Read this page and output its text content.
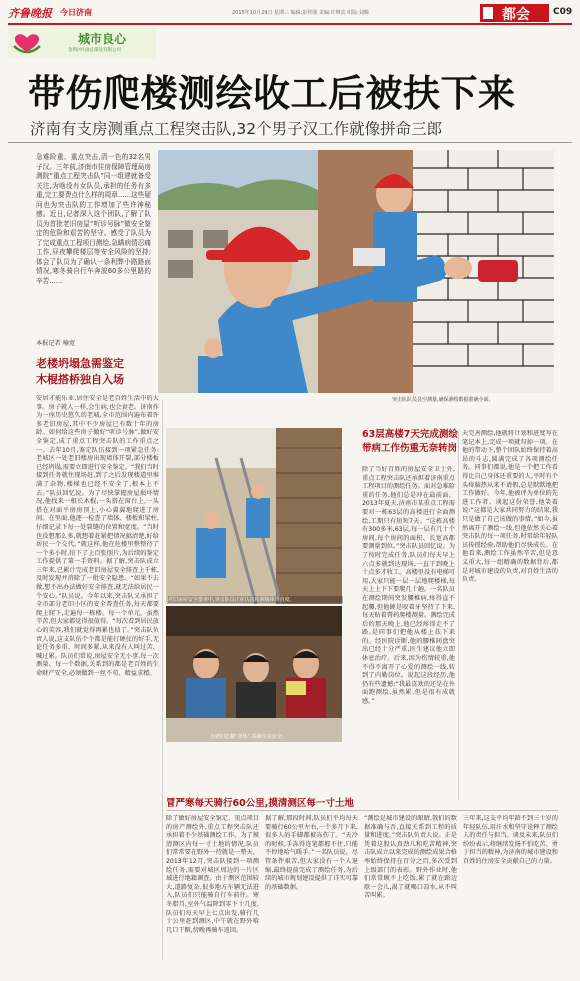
齐鲁晚报 今日济南	2015年10月29日 星期三 编辑:彭传刚 美编:许继宾 组版:刘腾	都会	C09
城市良心
金利(中国)总部及有限公司
带伤爬楼测绘收工后被扶下来
济南有支房测重点工程突击队,32个男子汉工作就像拼命三郎
急难险重、重点突击,清一色的32名男子汉。三年前,济南市住房保障管理局房测院“重点工程突击队”同一组建就备受关注,为啥没有女队员,承担的任务有多重,完工要费点什么样的周章……这些疑问也为突击队的工作增加了些许神秘感。近日,记者深入这个团队,了解了队员为首批老旧房屋“听诊号脉”做安全鉴定的危险和艰苦的坚守。感受了队员为了完成重点工程项目测绘,急瞒病情忍痛工作,昼夜攀爬楼层等安全风险的坚持;体会了队员为了确认一条利弊小路路面情况,寒冬骑自行车奔波60多公里路的辛苦……
本报记者 喻宽
突击队队员县空测量,确保测绘数据准确全面。
老楼坍塌急需鉴定
木棍搭桥独自入场
安居才能乐业,居住安全是老百姓生活中的大事。房子就人一样,会生病,也会衰老。济南作为一座历史悠久的老城,全市范围内遍布着许多老旧房屋,其中不少房屋已有数十年的房龄。如何给这些房子做好“听诊号脉”,做好安全鉴定,成了重点工程突击队的工作重点之一。去年10月,鉴定队伍接到一项紧急任务:老城区一处老旧楼房出现墙体开裂,部分楼板已经坍塌,需要立即进行安全鉴定。“我们当时接到任务就往现场赶,到了之后发现楼道里堆满了杂物,楼梯也已经不安全了,根本上不去。”队员回忆说。为了尽快掌握房屋损坏情况,他找来一根长木棍,一头搭在窗台上,一头搭在对面平房房顶上,小心翼翼地爬进了房间。在里面,他逐一检查了墙体、楼板和梁柱,仔细记录下每一处裂缝的位置和宽度。“当时也没想那么多,就想着赶紧把情况搞清楚,好给居民一个交代。”就这样,他在危楼里整整待了一个多小时,拍下了上百张照片,为后续的鉴定工作提供了第一手资料。据了解,突击队成立三年来,已累计完成老旧房屋安全排查上千栋,及时发现并消除了一批安全隐患。“如果不去做,想不出办法做好安全排查,就无法给居民一个安心。”队员说。今年以来,突击队又承担了全市部分老旧小区的安全普查任务,每天都要爬上爬下,走遍每一栋楼、每一个单元。虽然辛苦,但大家都觉得很值得。“每次看到居民放心的笑容,我们就觉得再累也值了。”突击队负责人说,这支队伍个个都是能打硬仗的好手,无论任务多重、时间多紧,从来没有人叫过苦、喊过累。队员们常说,房屋安全无小事,每一次测量、每一个数据,关系到的都是老百姓的生命财产安全,必须做到一丝不苟、精益求精。
老旧房屋安全排查中,突击队员正在认真检测墙体垂直度。
为老旧危楼“查体”,保障住房安全。
63层高楼7天完成测绘
带病工作伤重无奈转岗
除了当好百姓的房屋安全卫士外,重点工程突击队还承担着济南重点工程项目的测绘任务。面对急难险重的任务,他们总是冲在最前面。2013年夏天,济南市某重点工程需要对一栋63层的高楼进行全面测绘,工期只有短短7天。“这栋高楼有300多米,63层,每一层有几十个房间,每个房间的面积、长宽高都要测量到位。”突击队员回忆说。为了按时完成任务,队员们每天早上六点多就到达现场,一直干到晚上十点多才收工。高楼里没有电梯可用,大家只能一层一层地爬楼梯,每天上上下下要爬几十趟。一名队员在测绘期间突发腰椎病,疼得直不起腰,但他硬是咬着牙坚持了下来,每天贴着膏药爬楼测量。测绘完成后的那天晚上,他已经疼得走不了路,是同事们把他从楼上扶下来的。经医院诊断,他的腰椎间盘突出已经十分严重,医生建议他立即休息治疗。后来,因为伤情较重,他不得不离开了心爱的测绘一线,转到了内勤岗位。说起这段经历,他仍有些遗憾:“我最喜欢的还是在外面跑测绘,虽然累,但是很有成就感。”
天完善测绘,他就将计划和进度写在笔记本上,完成一项就勾掉一项。在他的带动下,整个团队始终保持着高昂的斗志,圆满完成了各项测绘任务。同事们都说,他是一个把工作看得比自己身体还重要的人,平时有个头疼脑热从来不请假,总是默默地把工作做好。今年,他被评为单位的先进工作者。谈起这份荣誉,他笑着说:“这都是大家共同努力的结果,我只是做了自己该做的事情。”如今,虽然离开了测绘一线,但他依然关心着突击队的每一项任务,时常给年轻队员传授经验,帮助他们尽快成长。在他看来,测绘工作虽然辛苦,但是意义重大,每一组精确的数据背后,都是对城市建设的负责,对百姓生活的负责。
冒严寒每天骑行60公里,摸清测区每一寸土地
除了做好房屋安全鉴定、重点项目的房产测绘外,重点工程突击队还承担着不少基础测绘工作。为了摸清测区内每一寸土地的情况,队员们常常要在野外一待就是一整天。2013年12月,突击队接到一项测绘任务,需要对城区周边的一片区域进行地籍调查。由于测区范围较大,道路复杂,很多地方车辆无法进入,队员们只能骑自行车前往。寒冬腊月,室外气温降到零下十几度,队员们每天早上七点出发,骑行几十公里赶到测区,中午就在野外啃几口干粮,傍晚再骑车返回。
据了解,那段时间,队员们平均每天要骑行60公里左右,一个多月下来,很多人的手脚都被冻伤了。“天冷的时候,手冻得连笔都握不住,只能不停地哈气暖手。”一名队员说。尽管条件艰苦,但大家没有一个人退缩,最终提前完成了测绘任务,为后续的城市规划建设提供了详实可靠的基础数据。
“测绘是城市建设的眼睛,我们的数据准确与否,直接关系到工程的质量和进度。”突击队负责人说。正是凭着这股认真劲儿和吃苦精神,突击队成立以来完成的测绘成果合格率始终保持在百分之百,多次受到上级部门的表彰。野外作业时,他们常常顾不上吃饭,累了就在路边歇一会儿,渴了就喝口凉水,从不叫苦叫累。
三年来,这支平均年龄不到三十岁的年轻队伍,用汗水和坚守诠释了测绘人的责任与担当。谈及未来,队员们纷纷表示,将继续发扬不怕吃苦、勇于担当的精神,为济南的城市建设和百姓的住房安全贡献自己的力量。
